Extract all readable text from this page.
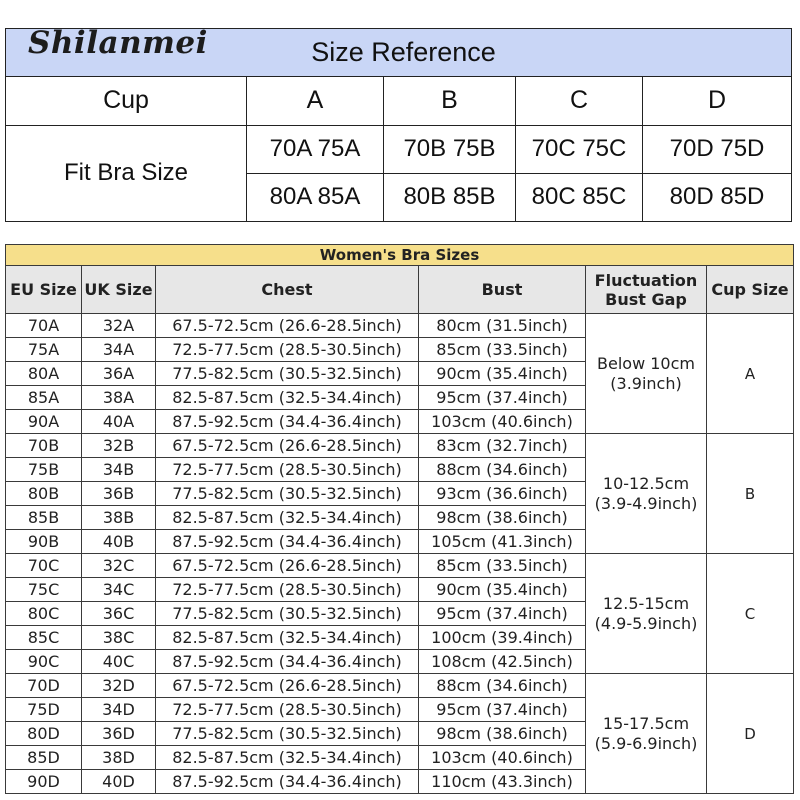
Shilanmei Size Reference				
Cup	A	B	C	D
Fit Bra Size	70A 75A	70B 75B	70C 75C	70D 75D
	80A 85A	80B 85B	80C 85C	80D 85D
Women's Bra Sizes					
EU Size	UK Size	Chest	Bust	Fluctuation Bust Gap	Cup Size
70A	32A	67.5-72.5cm (26.6-28.5inch)	80cm (31.5inch)	Below 10cm (3.9inch)	A
75A	34A	72.5-77.5cm (28.5-30.5inch)	85cm (33.5inch)		
80A	36A	77.5-82.5cm (30.5-32.5inch)	90cm (35.4inch)		
85A	38A	82.5-87.5cm (32.5-34.4inch)	95cm (37.4inch)		
90A	40A	87.5-92.5cm (34.4-36.4inch)	103cm (40.6inch)		
70B	32B	67.5-72.5cm (26.6-28.5inch)	83cm (32.7inch)	10-12.5cm (3.9-4.9inch)	B
75B	34B	72.5-77.5cm (28.5-30.5inch)	88cm (34.6inch)		
80B	36B	77.5-82.5cm (30.5-32.5inch)	93cm (36.6inch)		
85B	38B	82.5-87.5cm (32.5-34.4inch)	98cm (38.6inch)		
90B	40B	87.5-92.5cm (34.4-36.4inch)	105cm (41.3inch)		
70C	32C	67.5-72.5cm (26.6-28.5inch)	85cm (33.5inch)	12.5-15cm (4.9-5.9inch)	C
75C	34C	72.5-77.5cm (28.5-30.5inch)	90cm (35.4inch)		
80C	36C	77.5-82.5cm (30.5-32.5inch)	95cm (37.4inch)		
85C	38C	82.5-87.5cm (32.5-34.4inch)	100cm (39.4inch)		
90C	40C	87.5-92.5cm (34.4-36.4inch)	108cm (42.5inch)		
70D	32D	67.5-72.5cm (26.6-28.5inch)	88cm (34.6inch)	15-17.5cm (5.9-6.9inch)	D
75D	34D	72.5-77.5cm (28.5-30.5inch)	95cm (37.4inch)		
80D	36D	77.5-82.5cm (30.5-32.5inch)	98cm (38.6inch)		
85D	38D	82.5-87.5cm (32.5-34.4inch)	103cm (40.6inch)		
90D	40D	87.5-92.5cm (34.4-36.4inch)	110cm (43.3inch)		
